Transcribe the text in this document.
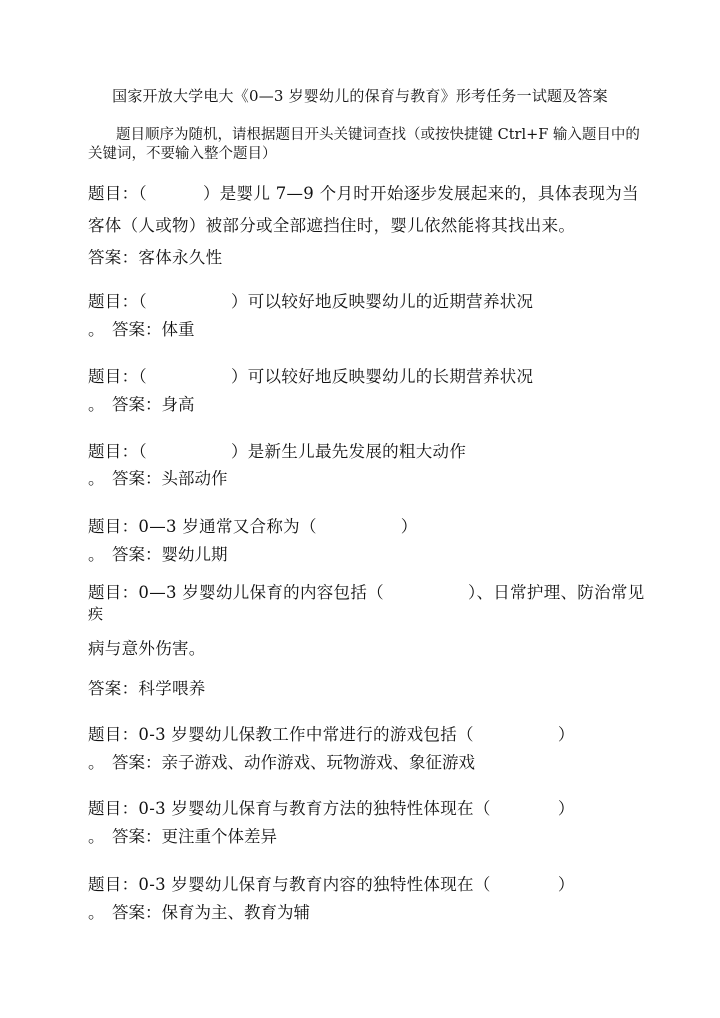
国家开放大学电大《0—3 岁婴幼儿的保育与教育》形考任务一试题及答案
题目顺序为随机，请根据题目开头关键词查找（或按快捷键 Ctrl+F 输入题目中的关键词，不要输入整个题目）
题目：（	）是婴儿 7—9 个月时开始逐步发展起来的，具体表现为当客体（人或物）被部分或全部遮挡住时，婴儿依然能将其找出来。　答案：客体永久性
题目：（　　　　　）可以较好地反映婴幼儿的近期营养状况
。 答案：体重
题目：（　　　　　）可以较好地反映婴幼儿的长期营养状况
。 答案：身高
题目：（　　　　　）是新生儿最先发展的粗大动作
。 答案：头部动作
题目：0—3 岁通常又合称为（　　　　　）
。 答案：婴幼儿期
题目：0—3 岁婴幼儿保育的内容包括（　　　　　）、日常护理、防治常见
疾
病与意外伤害。
答案：科学喂养
题目：0-3 岁婴幼儿保教工作中常进行的游戏包括（　　　　　）
。 答案：亲子游戏、动作游戏、玩物游戏、象征游戏
题目：0-3 岁婴幼儿保育与教育方法的独特性体现在（　　　　）
。 答案：更注重个体差异
题目：0-3 岁婴幼儿保育与教育内容的独特性体现在（　　　　）
。 答案：保育为主、教育为辅
